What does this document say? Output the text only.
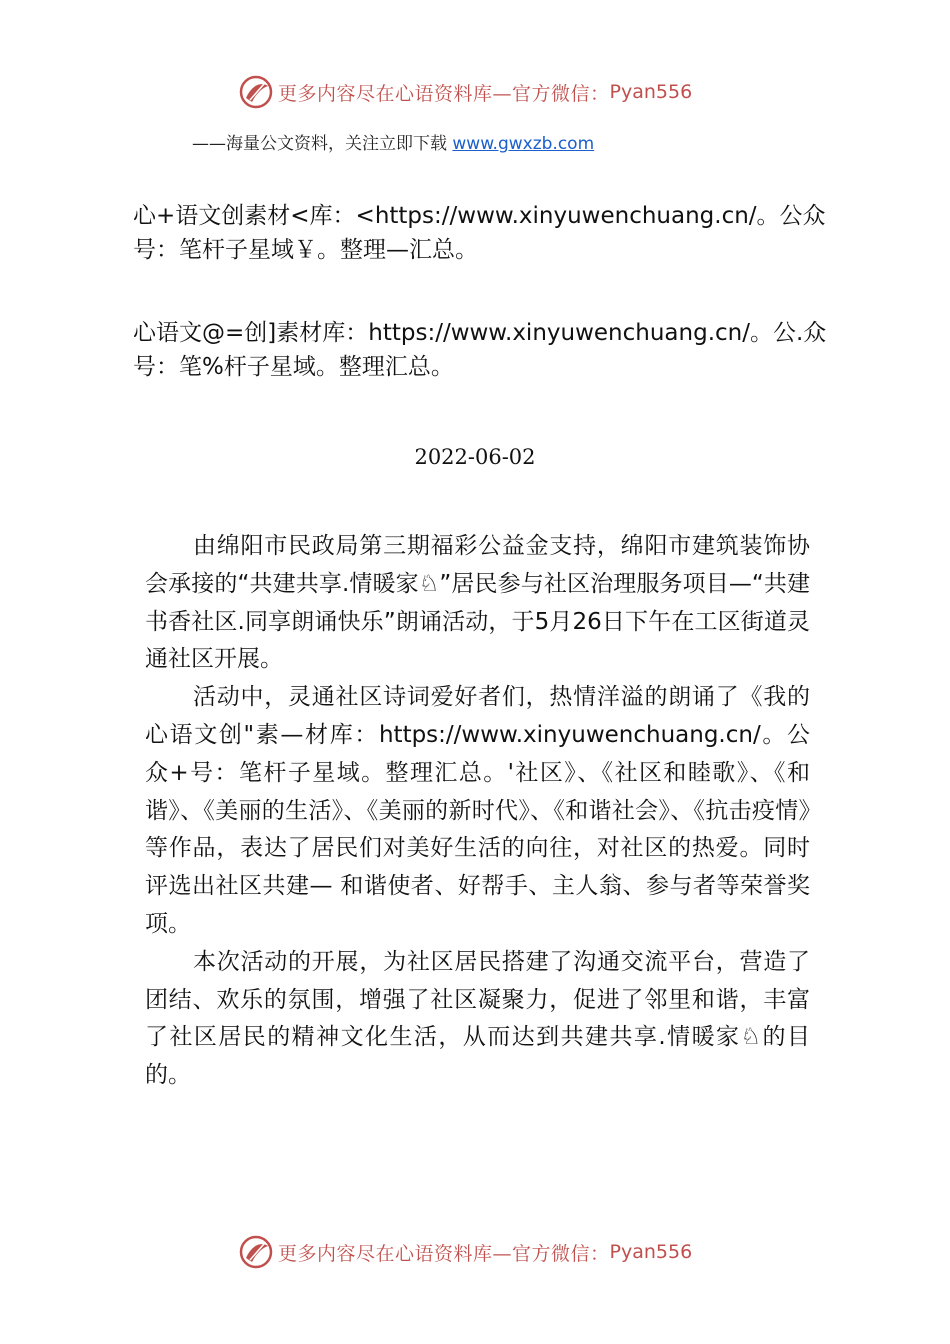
更多内容尽在心语资料库—官方微信： Pyan556
——海量公文资料，关注立即下载 www.gwxzb.com

心+语文创素材<库：<https://www.xinyuwenchuang.cn/。公众号：笔杆子星域￥。整理—汇总。

心语文@=创]素材库：https://www.xinyuwenchuang.cn/。公.众号：笔%杆子星域。整理汇总。

2022-06-02

由绵阳市民政局第三期福彩公益金支持，绵阳市建筑装饰协会承接的“共建共享.情暖家♘”居民参与社区治理服务项目—“共建书香社区.同享朗诵快乐”朗诵活动，于5月26日下午在工区街道灵通社区开展。

活动中，灵通社区诗词爱好者们，热情洋溢的朗诵了《我的心语文创"素—材库：https://www.xinyuwenchuang.cn/。公众+号：笔杆子星域。整理汇总。'社区》、《社区和睦歌》、《和谐》、《美丽的生活》、《美丽的新时代》、《和谐社会》、《抗击疫情》等作品，表达了居民们对美好生活的向往，对社区的热爱。同时评选出社区共建— 和谐使者、好帮手、主人翁、参与者等荣誉奖项。

本次活动的开展，为社区居民搭建了沟通交流平台，营造了团结、欢乐的氛围，增强了社区凝聚力，促进了邻里和谐，丰富了社区居民的精神文化生活，从而达到共建共享.情暖家♘的目的。

更多内容尽在心语资料库—官方微信： Pyan556
